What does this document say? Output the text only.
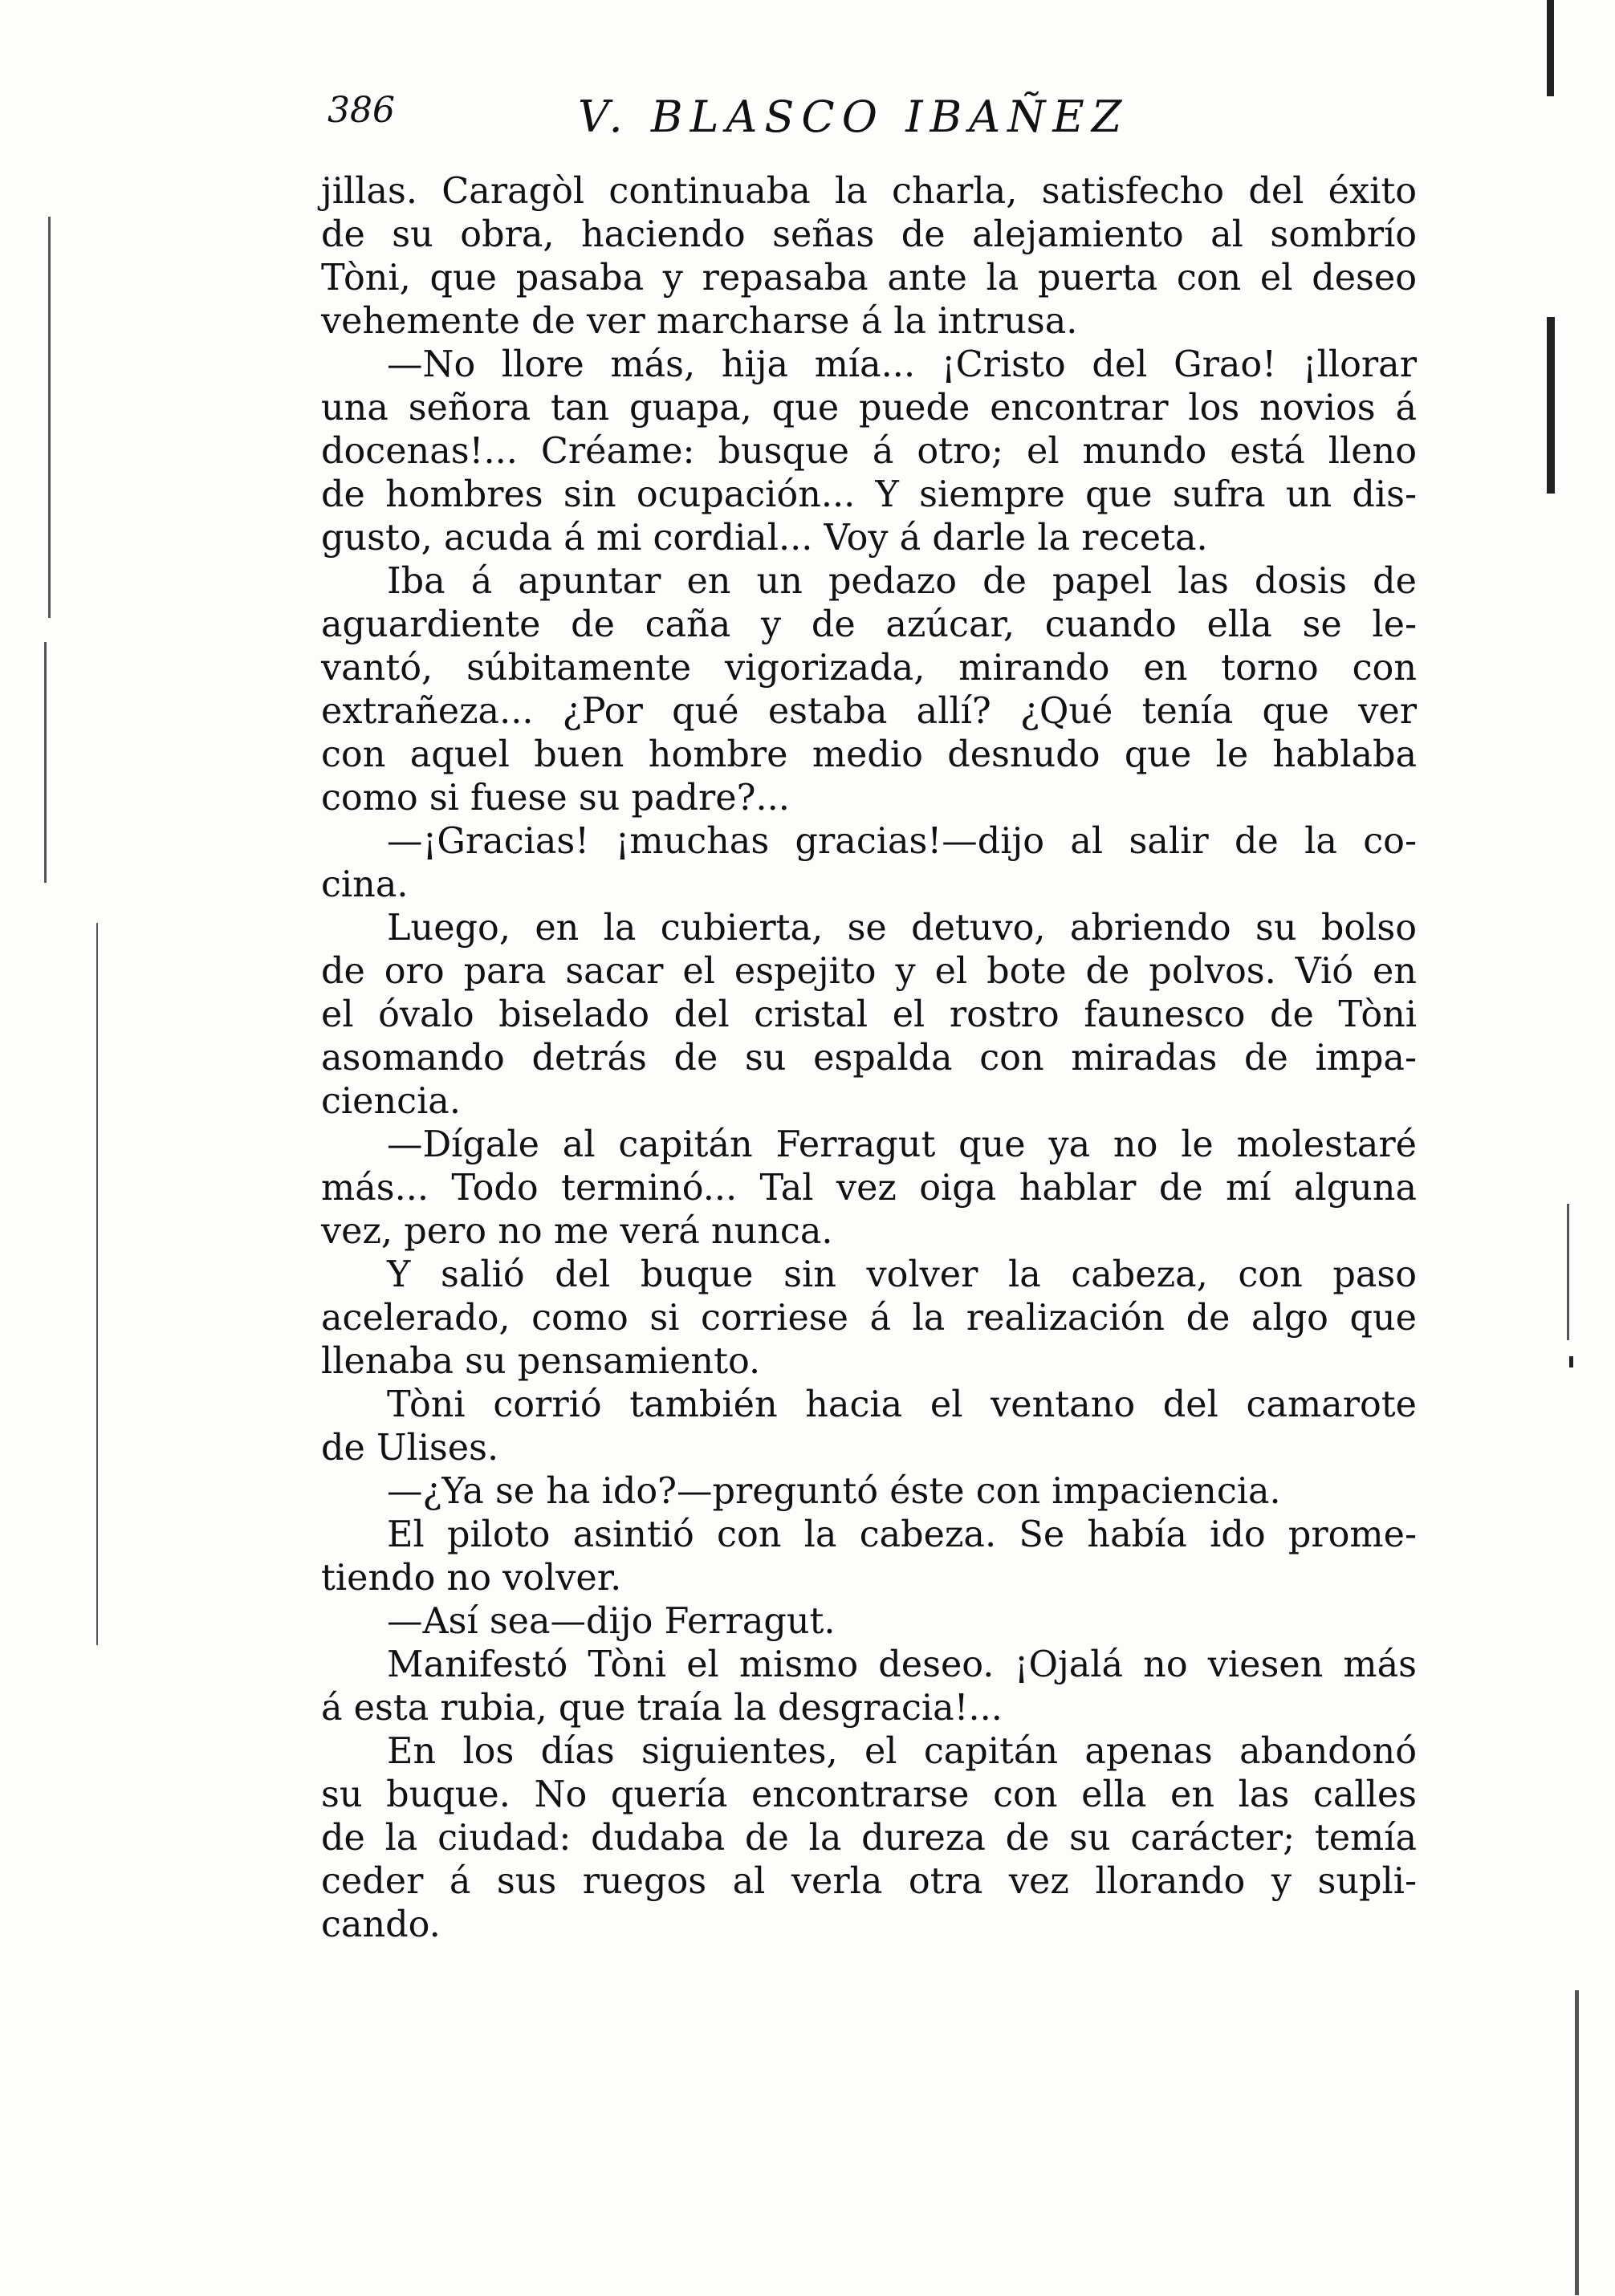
386	V. BLASCO IBAÑEZ
jillas. Caragòl continuaba la charla, satisfecho del éxito
de su obra, haciendo señas de alejamiento al sombrío
Tòni, que pasaba y repasaba ante la puerta con el deseo
vehemente de ver marcharse á la intrusa.
—No llore más, hija mía... ¡Cristo del Grao! ¡llorar
una señora tan guapa, que puede encontrar los novios á
docenas!... Créame: busque á otro; el mundo está lleno
de hombres sin ocupación... Y siempre que sufra un dis-
gusto, acuda á mi cordial... Voy á darle la receta.
Iba á apuntar en un pedazo de papel las dosis de
aguardiente de caña y de azúcar, cuando ella se le-
vantó, súbitamente vigorizada, mirando en torno con
extrañeza... ¿Por qué estaba allí? ¿Qué tenía que ver
con aquel buen hombre medio desnudo que le hablaba
como si fuese su padre?...
—¡Gracias! ¡muchas gracias!—dijo al salir de la co-
cina.
Luego, en la cubierta, se detuvo, abriendo su bolso
de oro para sacar el espejito y el bote de polvos. Vió en
el óvalo biselado del cristal el rostro faunesco de Tòni
asomando detrás de su espalda con miradas de impa-
ciencia.
—Dígale al capitán Ferragut que ya no le molestaré
más... Todo terminó... Tal vez oiga hablar de mí alguna
vez, pero no me verá nunca.
Y salió del buque sin volver la cabeza, con paso
acelerado, como si corriese á la realización de algo que
llenaba su pensamiento.
Tòni corrió también hacia el ventano del camarote
de Ulises.
—¿Ya se ha ido?—preguntó éste con impaciencia.
El piloto asintió con la cabeza. Se había ido prome-
tiendo no volver.
—Así sea—dijo Ferragut.
Manifestó Tòni el mismo deseo. ¡Ojalá no viesen más
á esta rubia, que traía la desgracia!...
En los días siguientes, el capitán apenas abandonó
su buque. No quería encontrarse con ella en las calles
de la ciudad: dudaba de la dureza de su carácter; temía
ceder á sus ruegos al verla otra vez llorando y supli-
cando.
